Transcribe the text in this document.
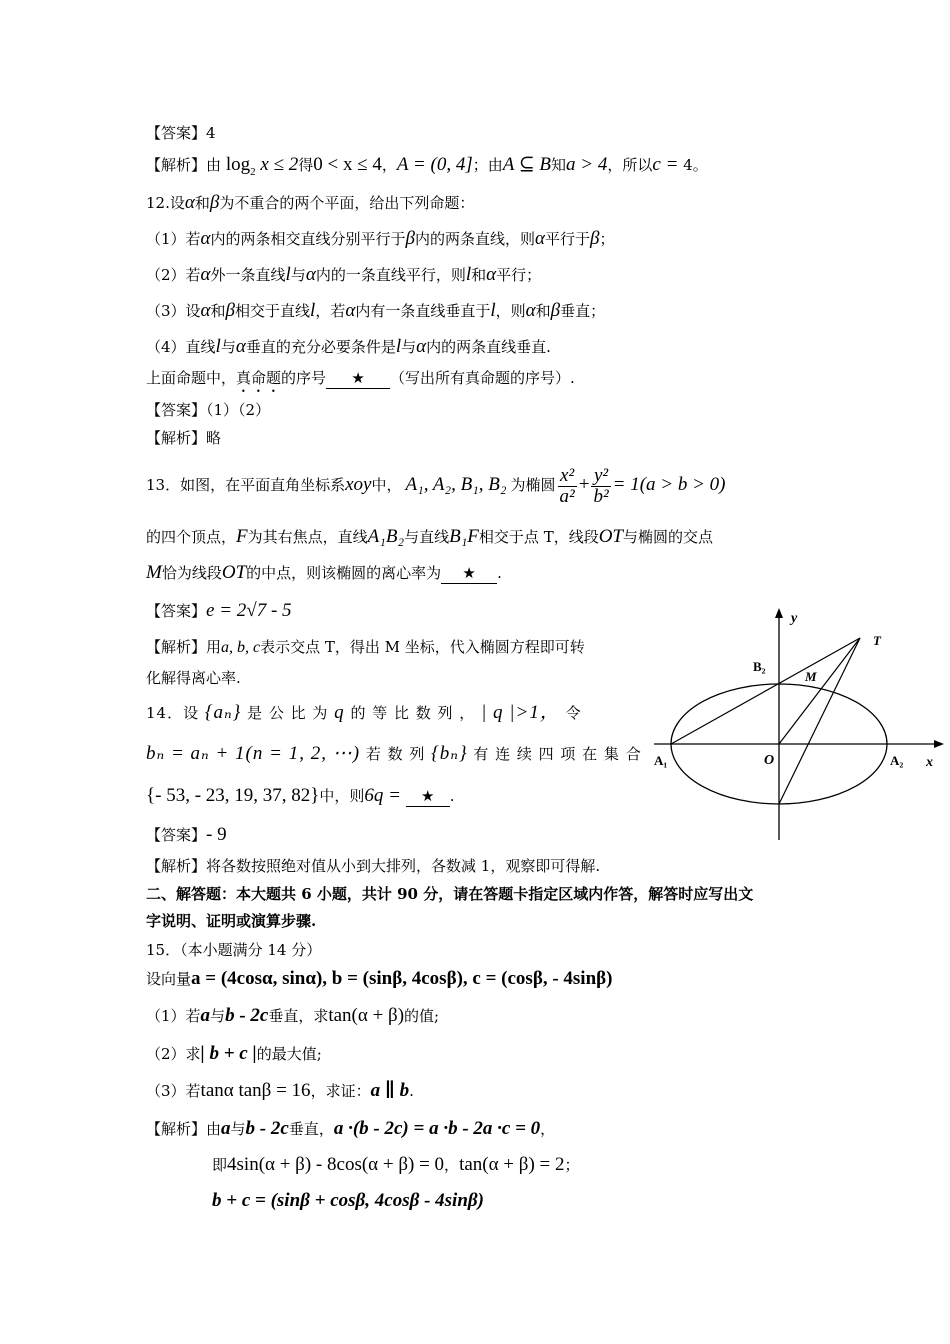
【答案】4
【解析】由 $\log_2 x \le 2$得0 < x ≤ 4，A = (0, 4]；由A ⊆ B知a > 4，所以c = 4。
12.设α和β为不重合的两个平面，给出下列命题：
（1）若α内的两条相交直线分别平行于β内的两条直线，则α平行于β；
（2）若α外一条直线l与α内的一条直线平行，则l和α平行；
（3）设α和β相交于直线l，若α内有一条直线垂直于l，则α和β垂直；
（4）直线l与α垂直的充分必要条件是l与α内的两条直线垂直.
上面命题中，真命题的序号 ★ （写出所有真命题的序号）.
【答案】（1）（2）
【解析】略
13．如图，在平面直角坐标系xoy中， A₁, A₂, B₁, B₂ 为椭圆 $\frac{\text{x²}}{\text{a²}} + \frac{\text{y²}}{\text{b²}} = 1(a > b > 0)$
的四个顶点，F为其右焦点，直线A₁B₂与直线B₁F相交于点 T，线段OT与椭圆的交点
M恰为线段OT的中点，则该椭圆的离心率为 ★ .
【答案】e = 2√7 - 5
【解析】用a, b, c表示交点 T，得出 M 坐标，代入椭圆方程即可转
化解得离心率.
14．设 {aₙ} 是 公 比 为 q 的 等 比 数 列 ， | q |>1， 令
bₙ = aₙ + 1(n = 1, 2, ⋯) 若 数 列 {bₙ} 有 连 续 四 项 在 集 合
{- 53, - 23, 19, 37, 82}中，则6q = ★ .
【答案】- 9
【解析】将各数按照绝对值从小到大排列，各数减 1，观察即可得解.
二、解答题：本大题共 6 小题，共计 90 分，请在答题卡指定区域内作答，解答时应写出文
字说明、证明或演算步骤.
15．（本小题满分 14 分）
设向量a = (4cosα, sinα), b = (sinβ, 4cosβ), c = (cosβ, - 4sinβ)
（1）若a与b - 2c垂直，求tan(α + β)的值;
（2）求| b + c |的最大值;
（3）若tanα tanβ = 16，求证：a ∥ b.
【解析】由a与b - 2c垂直，a ·(b - 2c) = a ·b - 2a ·c = 0，
即4sin(α + β) - 8cos(α + β) = 0，tan(α + β) = 2；
b + c = (sinβ + cosβ, 4cosβ - 4sinβ)
y
x
O
A₁	A₂
B₂
M
T
